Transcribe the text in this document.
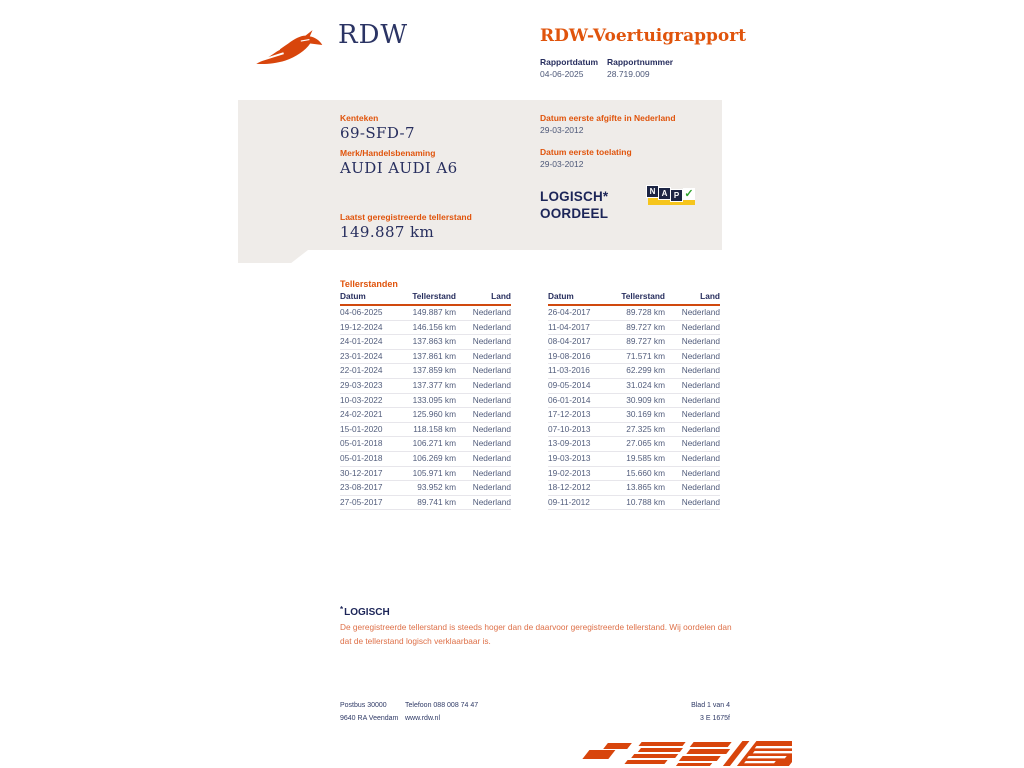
RDW	RDW-Voertuigrapport
Rapportdatum Rapportnummer
04-06-2025	28.719.009
Kenteken
69-SFD-7
Merk/Handelsbenaming
AUDI AUDI A6
Laatst geregistreerde tellerstand
149.887 km
Datum eerste afgifte in Nederland
29-03-2012
Datum eerste toelating
29-03-2012
LOGISCH*
OORDEEL
N A P ✓
Tellerstanden
Datum	Tellerstand	Land
04-06-2025	149.887 km	Nederland
19-12-2024	146.156 km	Nederland
24-01-2024	137.863 km	Nederland
23-01-2024	137.861 km	Nederland
22-01-2024	137.859 km	Nederland
29-03-2023	137.377 km	Nederland
10-03-2022	133.095 km	Nederland
24-02-2021	125.960 km	Nederland
15-01-2020	118.158 km	Nederland
05-01-2018	106.271 km	Nederland
05-01-2018	106.269 km	Nederland
30-12-2017	105.971 km	Nederland
23-08-2017	93.952 km	Nederland
27-05-2017	89.741 km	Nederland
Datum	Tellerstand	Land
26-04-2017	89.728 km	Nederland
11-04-2017	89.727 km	Nederland
08-04-2017	89.727 km	Nederland
19-08-2016	71.571 km	Nederland
11-03-2016	62.299 km	Nederland
09-05-2014	31.024 km	Nederland
06-01-2014	30.909 km	Nederland
17-12-2013	30.169 km	Nederland
07-10-2013	27.325 km	Nederland
13-09-2013	27.065 km	Nederland
19-03-2013	19.585 km	Nederland
19-02-2013	15.660 km	Nederland
18-12-2012	13.865 km	Nederland
09-11-2012	10.788 km	Nederland
*LOGISCH
De geregistreerde tellerstand is steeds hoger dan de daarvoor geregistreerde tellerstand. Wij oordelen dan dat de tellerstand logisch verklaarbaar is.
Postbus 30000
9640 RA Veendam
Telefoon 088 008 74 47
www.rdw.nl
Blad 1 van 4
3 E 1675f
